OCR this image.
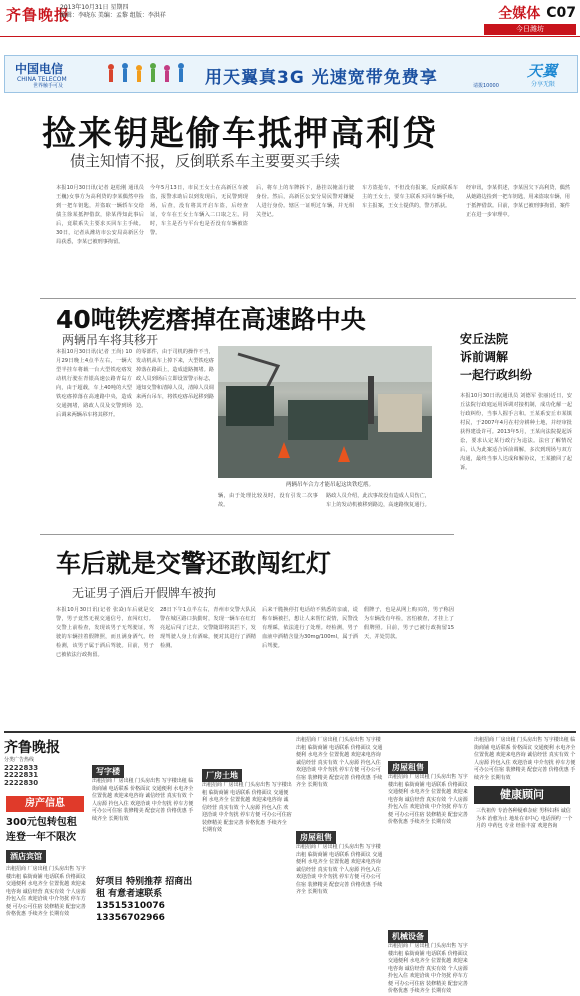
齐鲁晚报
2013年10月31日 星期四
编辑：李晓东 美编：孟黎 组版：李洪祥	全媒体 C07
今日潍坊
中国电信
CHINA TELECOM
世界触手可及	用天翼真3G 光速宽带免费享	请拨10000
天翼
分享无限
捡来钥匙偷车抵押高利贷
债主知情不报，反倒联系车主要要买手续
本报10月30日讯(记者 赵松刚 通讯员 王巍)女事方为高利贷的李某偶然中捡到一把车钥匙，并盗取一辆轿车交给债主徐某抵押借款，徐某得知此事后后，竟联系失主要求买回车主手续。30日，记者从潍坊市公安局高新区分局获悉，李某已被刑事拘留。
今年5月13日，市民王女士在高新区车被盗，报警求助后以到发现后，无民警到现场，后查，没有将其开启车盗，后经查证，专车在王女士车辆入二口取之左。同时，车主是否与平台也是否没有车辆被盗警。
后，将车上的车牌拆下，悬挂以掩盖行驶身份。然后，高新区公安分局民警对嫌疑人进行身份。辖区一证明过车辆，并无相关登记。
车方盗抢车，不但没有报案，反而联系车主的王女士，要车主联系买回车辆手续，车主报案，王女士提供的，警方抓获。
经审讯，李某供述，李某因欠下高利贷，偶然从她路边捡到一把车钥匙，用来盗取车辆，用于抵押借款。目前，李某已被刑事拘留，案件正在进一步审理中。
40吨铁疙瘩掉在高速路中央
两辆吊车将其移开
本报10月30日讯(记者 王尚) 10月29日晚上4点半左右，一辆大型半挂车将载一台大型铁疙瘩发动机行驶在青银高速公路青岛方向，由于超载，车上40吨的大型铁疙瘩掉落在高速路中央，造成交通拥堵，路政人员及交警到场后调来两辆吊车将其移开。
的零部件，由于司机的操作不当，发动机从车上掉下来，大型铁疙瘩掉落在路面上，造成道路拥堵。路政人员到场后立即设置警示标志，通知交警和清障人员，清障人员调来两台吊车，将铁疙瘩吊起移到路边。
两辆吊车合力才能吊起这块铁疙瘩。
辆，由于处理比较及时，没有引发二次事故。
路政人员介绍，此次事故没有造成人员伤亡，车上的发动机被移到路边，高速路恢复通行。
安丘法院
诉前调解
一起行政纠纷
本报10月30日讯(通讯员 刘德军 张丽)近日，安丘法院行政庭运用诉调对接机制，成功化解一起行政纠纷，当事人握手言和。王某系安丘市某镇村民，于2007年4月在村旁耕种土地，并经审批获得建设许可。2013年5月，王某向法院提起诉讼，要求认定某行政行为违法。法官了解情况后，认为此案适合诉前调解，多次到现场与双方沟通，最终当事人达成和解协议，王某撤回了起诉。
车后就是交警还敢闯红灯
无证男子酒后开假牌车被拘
本报10月30日讯(记者 张焱)车后就是交警，男子竟然无视交通信号，直闯红灯。交警上前检查，发现该男子无驾驶证，驾驶的车辆挂着假牌照，而且满身酒气。经检测，该男子属于酒后驾驶。目前，男子已被依法行政拘留。
28日下午1点半左右，青州市交警大队民警在城区路口执勤时，发现一辆车在红灯亮起后闯了过去，交警随即将其拦下，发现驾驶人身上有酒味，便对其进行了酒精检测。
后来干脆换停打电话给不熟悉的亲戚，谎称车辆被拦，想让人来帮忙说情，民警没有理睬，依法进行了处理。经检测，男子血液中酒精含量为30mg/100ml，属于酒后驾驶。
假牌子，也是从网上购买的，男子称因为车辆没有年检，害怕被查，才挂上了假牌照。目前，男子已被行政拘留15天，并处罚款。
齐鲁晚报
分类广告热线
2222833
2222831
2222830
房产信息
300元包转包租
连登一年不限次
酒店宾馆
出租招商 厂房出租 门头房出售 写字楼出租 临街商铺 电话联系 价格面议 交通便利 水电齐全 位置优越 欢迎来电咨询 诚信经营 真实有效 个人房源 拎包入住 欢迎洽谈 中介勿扰 停车方便 可办公可住宿 装修精美 配套完善 价格优惠 手续齐全 长期有效
写字楼
出租招商 厂房出租 门头房出售 写字楼出租 临街商铺 电话联系 价格面议 交通便利 水电齐全 位置优越 欢迎来电咨询 诚信经营 真实有效 个人房源 拎包入住 欢迎洽谈 中介勿扰 停车方便 可办公可住宿 装修精美 配套完善 价格优惠 手续齐全 长期有效
好项目 特别推荐 招商出租 有意者速联系
13515310076
13356702966
厂房土地
出租招商 厂房出租 门头房出售 写字楼出租 临街商铺 电话联系 价格面议 交通便利 水电齐全 位置优越 欢迎来电咨询 诚信经营 真实有效 个人房源 拎包入住 欢迎洽谈 中介勿扰 停车方便 可办公可住宿 装修精美 配套完善 价格优惠 手续齐全 长期有效
出租招商 厂房出租 门头房出售 写字楼出租 临街商铺 电话联系 价格面议 交通便利 水电齐全 位置优越 欢迎来电咨询 诚信经营 真实有效 个人房源 拎包入住 欢迎洽谈 中介勿扰 停车方便 可办公可住宿 装修精美 配套完善 价格优惠 手续齐全 长期有效
房屋租售
出租招商 厂房出租 门头房出售 写字楼出租 临街商铺 电话联系 价格面议 交通便利 水电齐全 位置优越 欢迎来电咨询 诚信经营 真实有效 个人房源 拎包入住 欢迎洽谈 中介勿扰 停车方便 可办公可住宿 装修精美 配套完善 价格优惠 手续齐全 长期有效
房屋租售
出租招商 厂房出租 门头房出售 写字楼出租 临街商铺 电话联系 价格面议 交通便利 水电齐全 位置优越 欢迎来电咨询 诚信经营 真实有效 个人房源 拎包入住 欢迎洽谈 中介勿扰 停车方便 可办公可住宿 装修精美 配套完善 价格优惠 手续齐全 长期有效
机械设备
出租招商 厂房出租 门头房出售 写字楼出租 临街商铺 电话联系 价格面议 交通便利 水电齐全 位置优越 欢迎来电咨询 诚信经营 真实有效 个人房源 拎包入住 欢迎洽谈 中介勿扰 停车方便 可办公可住宿 装修精美 配套完善 价格优惠 手续齐全 长期有效
出租招商 厂房出租 门头房出售 写字楼出租 临街商铺 电话联系 价格面议 交通便利 水电齐全 位置优越 欢迎来电咨询 诚信经营 真实有效 个人房源 拎包入住 欢迎洽谈 中介勿扰 停车方便 可办公可住宿 装修精美 配套完善 价格优惠 手续齐全 长期有效
健康顾问
三代祖传 专治各种疑难杂症 男科妇科 诚信为本 治愈为止 地址在市中心 电话预约 一个月的 中药包 专业 经验丰富 欢迎咨询
